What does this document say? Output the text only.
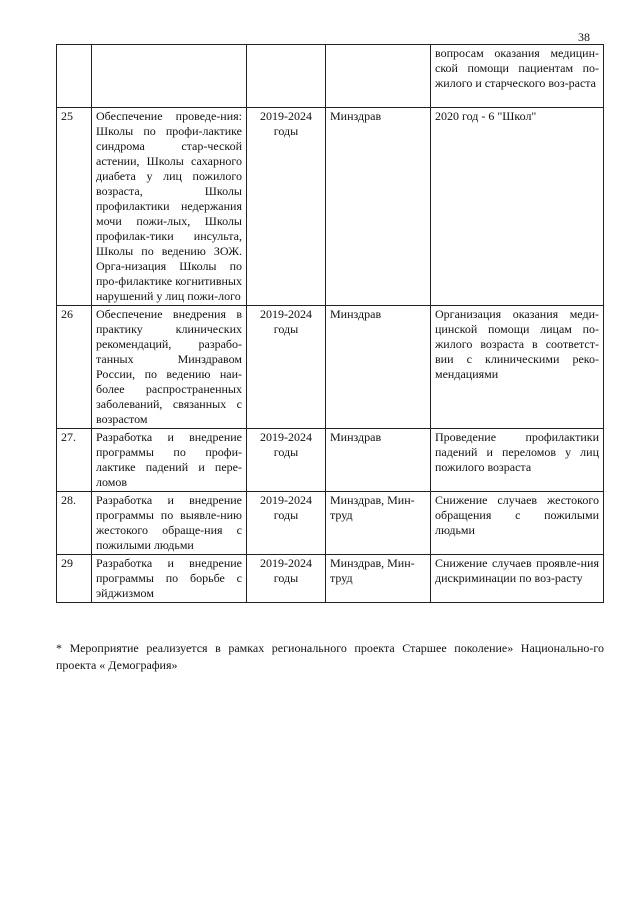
38
				вопросам оказания медицин-ской помощи пациентам по-жилого и старческого воз-раста
25	Обеспечение проведе-ния: Школы по профи-лактике синдрома стар-ческой астении, Школы сахарного диабета у лиц пожилого возраста, Школы профилактики недержания мочи пожи-лых, Школы профилак-тики инсульта, Школы по ведению ЗОЖ. Орга-низация Школы по про-филактике когнитивных нарушений у лиц пожи-лого	2019-2024 годы	Минздрав	2020 год - 6 "Школ"
26	Обеспечение внедрения в практику клинических рекомендаций, разрабо-танных Минздравом России, по ведению наи-более распространенных заболеваний, связанных с возрастом	2019-2024 годы	Минздрав	Организация оказания меди-цинской помощи лицам по-жилого возраста в соответст-вии с клиническими реко-мендациями
27.	Разработка и внедрение программы по профи-лактике падений и пере-ломов	2019-2024 годы	Минздрав	Проведение профилактики падений и переломов у лиц пожилого возраста
28.	Разработка и внедрение программы по выявле-нию жестокого обраще-ния с пожилыми людьми	2019-2024 годы	Минздрав, Мин-труд	Снижение случаев жестокого обращения с пожилыми людьми
29	Разработка и внедрение программы по борьбе с эйджизмом	2019-2024 годы	Минздрав, Мин-труд	Снижение случаев проявле-ния дискриминации по воз-расту
* Мероприятие реализуется в рамках регионального проекта Старшее поколение» Национально-го проекта « Демография»
